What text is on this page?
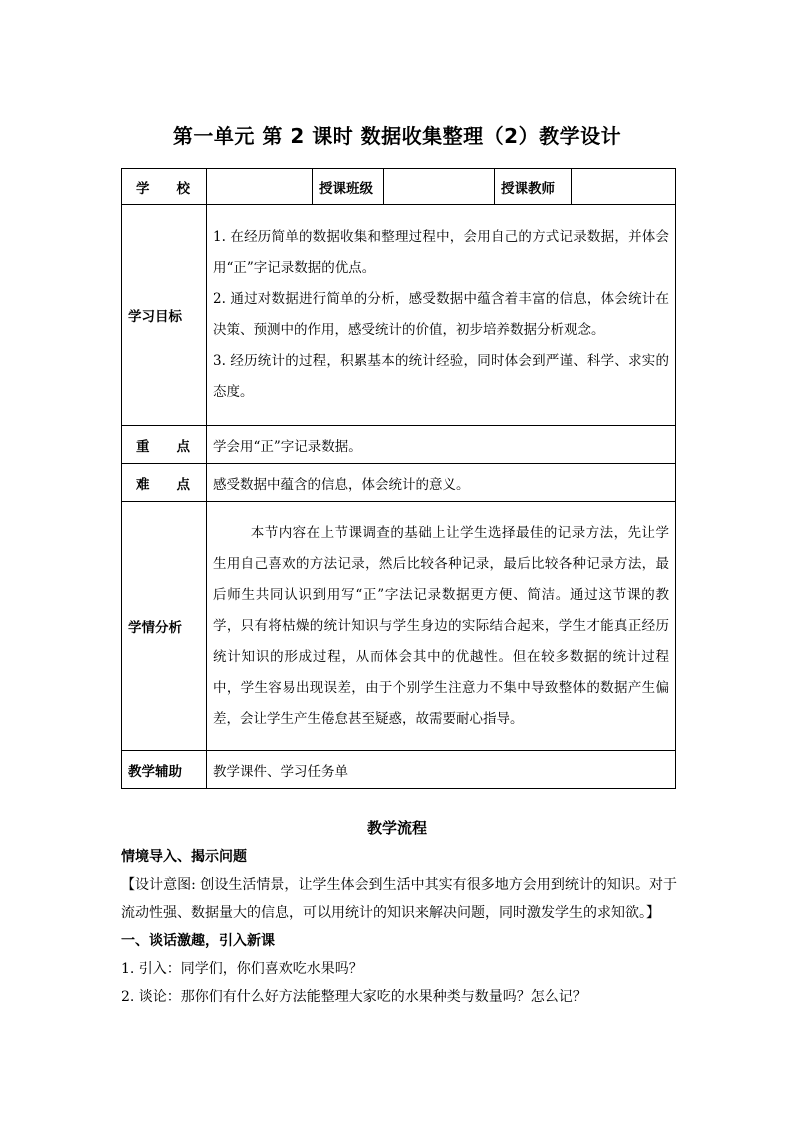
第一单元 第 2 课时 数据收集整理（2）教学设计
学　　校		授课班级		授课教师	
学习目标	1. 在经历简单的数据收集和整理过程中，会用自己的方式记录数据，并体会用“正”字记录数据的优点。

2. 通过对数据进行简单的分析，感受数据中蕴含着丰富的信息，体会统计在决策、预测中的作用，感受统计的价值，初步培养数据分析观念。

3. 经历统计的过程，积累基本的统计经验，同时体会到严谨、科学、求实的态度。				

重　　点	学会用“正”字记录数据。				
难　　点	感受数据中蕴含的信息，体会统计的意义。				
学情分析	本节内容在上节课调查的基础上让学生选择最佳的记录方法，先让学生用自己喜欢的方法记录，然后比较各种记录，最后比较各种记录方法，最后师生共同认识到用写“正”字法记录数据更方便、简洁。通过这节课的教学，只有将枯燥的统计知识与学生身边的实际结合起来，学生才能真正经历统计知识的形成过程，从而体会其中的优越性。但在较多数据的统计过程中，学生容易出现误差，由于个别学生注意力不集中导致整体的数据产生偏差，会让学生产生倦怠甚至疑惑，故需要耐心指导。				

教学辅助	教学课件、学习任务单				
教学流程

情境导入、揭示问题

【设计意图: 创设生活情景，让学生体会到生活中其实有很多地方会用到统计的知识。对于流动性强、数据量大的信息，可以用统计的知识来解决问题，同时激发学生的求知欲。】

一、谈话激趣，引入新课

1. 引入：同学们，你们喜欢吃水果吗？

2. 谈论：那你们有什么好方法能整理大家吃的水果种类与数量吗？怎么记？
